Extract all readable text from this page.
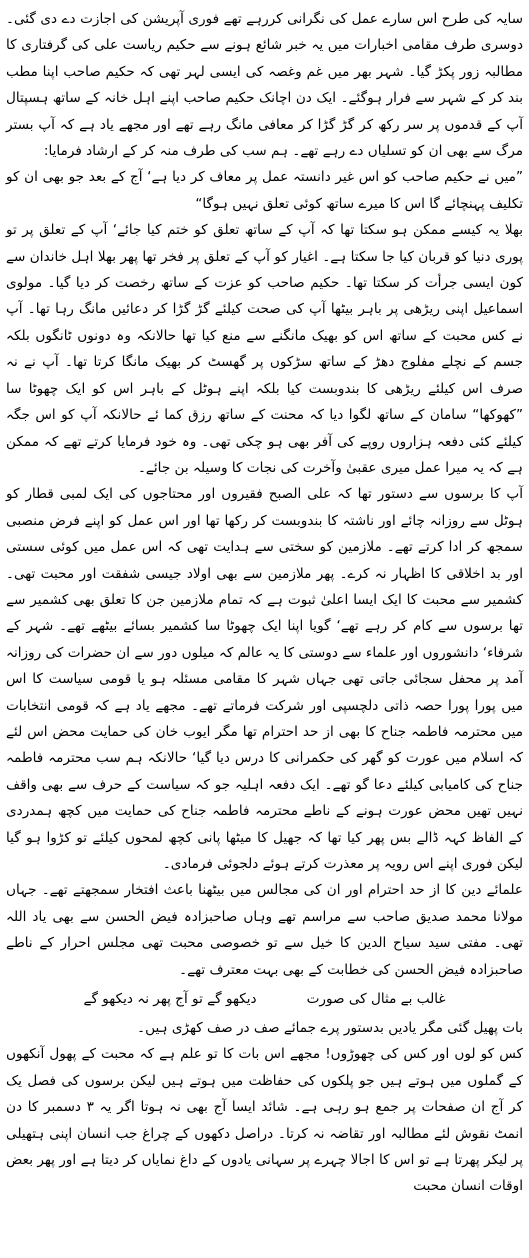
سایہ کی طرح اس سارے عمل کی نگرانی کررہے تھے فوری آپریشن کی اجازت دے دی گئی۔ دوسری طرف مقامی اخبارات میں یہ خبر شائع ہونے سے حکیم ریاست علی کی گرفتاری کا مطالبہ زور پکڑ گیا۔ شہر بھر میں غم وغصہ کی ایسی لہر تھی کہ حکیم صاحب اپنا مطب بند کر کے شہر سے فرار ہوگئے۔ ایک دن اچانک حکیم صاحب اپنے اہل خانہ کے ساتھ ہسپتال آپ کے قدموں پر سر رکھ کر گڑ گڑا کر معافی مانگ رہے تھے اور مجھے یاد ہے کہ آپ بستر مرگ سے بھی ان کو تسلیاں دے رہے تھے۔ ہم سب کی طرف منہ کر کے ارشاد فرمایا:

”میں نے حکیم صاحب کو اس غیر دانستہ عمل پر معاف کر دیا ہے‘ آج کے بعد جو بھی ان کو تکلیف پہنچائے گا اس کا میرے ساتھ کوئی تعلق نہیں ہوگا“

بھلا یہ کیسے ممکن ہو سکتا تھا کہ آپ کے ساتھ تعلق کو ختم کیا جائے‘ آپ کے تعلق پر تو پوری دنیا کو قربان کیا جا سکتا ہے۔ اغیار کو آپ کے تعلق پر فخر تھا پھر بھلا اہل خاندان سے کون ایسی جرأت کر سکتا تھا۔ حکیم صاحب کو عزت کے ساتھ رخصت کر دیا گیا۔ مولوی اسماعیل اپنی ریڑھی پر باہر بیٹھا آپ کی صحت کیلئے گڑ گڑا کر دعائیں مانگ رہا تھا۔ آپ نے کس محبت کے ساتھ اس کو بھیک مانگنے سے منع کیا تھا حالانکہ وہ دونوں ٹانگوں بلکہ جسم کے نچلے مفلوج دھڑ کے ساتھ سڑکوں پر گھسٹ کر بھیک مانگا کرتا تھا۔ آپ نے نہ صرف اس کیلئے ریڑھی کا بندوبست کیا بلکہ اپنے ہوٹل کے باہر اس کو ایک چھوٹا سا ”کھوکھا“ سامان کے ساتھ لگوا دیا کہ محنت کے ساتھ رزق کما ئے حالانکہ آپ کو اس جگہ کیلئے کئی دفعہ ہزاروں روپے کی آفر بھی ہو چکی تھی۔ وہ خود فرمایا کرتے تھے کہ ممکن ہے کہ یہ میرا عمل میری عقبیٰ وآخرت کی نجات کا وسیلہ بن جائے۔

آپ کا برسوں سے دستور تھا کہ علی الصبح فقیروں اور محتاجوں کی ایک لمبی قطار کو ہوٹل سے روزانہ چائے اور ناشتہ کا بندوبست کر رکھا تھا اور اس عمل کو اپنے فرض منصبی سمجھ کر ادا کرتے تھے۔ ملازمین کو سختی سے ہدایت تھی کہ اس عمل میں کوئی سستی اور بد اخلاقی کا اظہار نہ کرے۔ پھر ملازمین سے بھی اولاد جیسی شفقت اور محبت تھی۔ کشمیر سے محبت کا ایک ایسا اعلیٰ ثبوت ہے کہ تمام ملازمین جن کا تعلق بھی کشمیر سے تھا برسوں سے کام کر رہے تھے‘ گویا اپنا ایک چھوٹا سا کشمیر بسائے بیٹھے تھے۔ شہر کے شرفاء‘ دانشوروں اور علماء سے دوستی کا یہ عالم کہ میلوں دور سے ان حضرات کی روزانہ آمد پر محفل سجائی جاتی تھی جہاں شہر کا مقامی مسئلہ ہو یا قومی سیاست کا اس میں پورا پورا حصہ ذاتی دلچسپی اور شرکت فرماتے تھے۔ مجھے یاد ہے کہ قومی انتخابات میں محترمہ فاطمہ جناح کا بھی از حد احترام تھا مگر ایوب خان کی حمایت محض اس لئے کہ اسلام میں عورت کو گھر کی حکمرانی کا درس دیا گیا‘ حالانکہ ہم سب محترمہ فاطمہ جناح کی کامیابی کیلئے دعا گو تھے۔ ایک دفعہ اہلیہ جو کہ سیاست کے حرف سے بھی واقف نہیں تھیں محض عورت ہونے کے ناطے محترمہ فاطمہ جناح کی حمایت میں کچھ ہمدردی کے الفاظ کہہ ڈالے بس پھر کیا تھا کہ جھیل کا میٹھا پانی کچھ لمحوں کیلئے تو کڑوا ہو گیا لیکن فوری اپنے اس رویہ پر معذرت کرتے ہوئے دلجوئی فرمادی۔

علمائے دین کا از حد احترام اور ان کی مجالس میں بیٹھنا باعث افتخار سمجھتے تھے۔ جہاں مولانا محمد صدیق صاحب سے مراسم تھے وہاں صاحبزادہ فیض الحسن سے بھی یاد اللہ تھی۔ مفتی سید سیاح الدین کا خیل سے تو خصوصی محبت تھی مجلس احرار کے ناطے صاحبزادہ فیض الحسن کی خطابت کے بھی بہت معترف تھے۔

غالب بے مثال کی صورت
دیکھو گے تو آج پھر نہ دیکھو گے

بات پھیل گئی مگر یادیں بدستور پرے جمائے صف در صف کھڑی ہیں۔

کس کو لوں اور کس کی چھوڑوں! مجھے اس بات کا تو علم ہے کہ محبت کے پھول آنکھوں کے گملوں میں ہوتے ہیں جو پلکوں کی حفاظت میں ہوتے ہیں لیکن برسوں کی فصل یک کر آج ان صفحات پر جمع ہو رہی ہے۔ شائد ایسا آج بھی نہ ہوتا اگر یہ ۳ دسمبر کا دن انمٹ نقوش لئے مطالبہ اور تقاضہ نہ کرتا۔ دراصل دکھوں کے چراغ جب انسان اپنی ہتھیلی پر لیکر پھرتا ہے تو اس کا اجالا چہرے پر سہانی یادوں کے داغ نمایاں کر دیتا ہے اور پھر بعض اوقات انسان محبت
